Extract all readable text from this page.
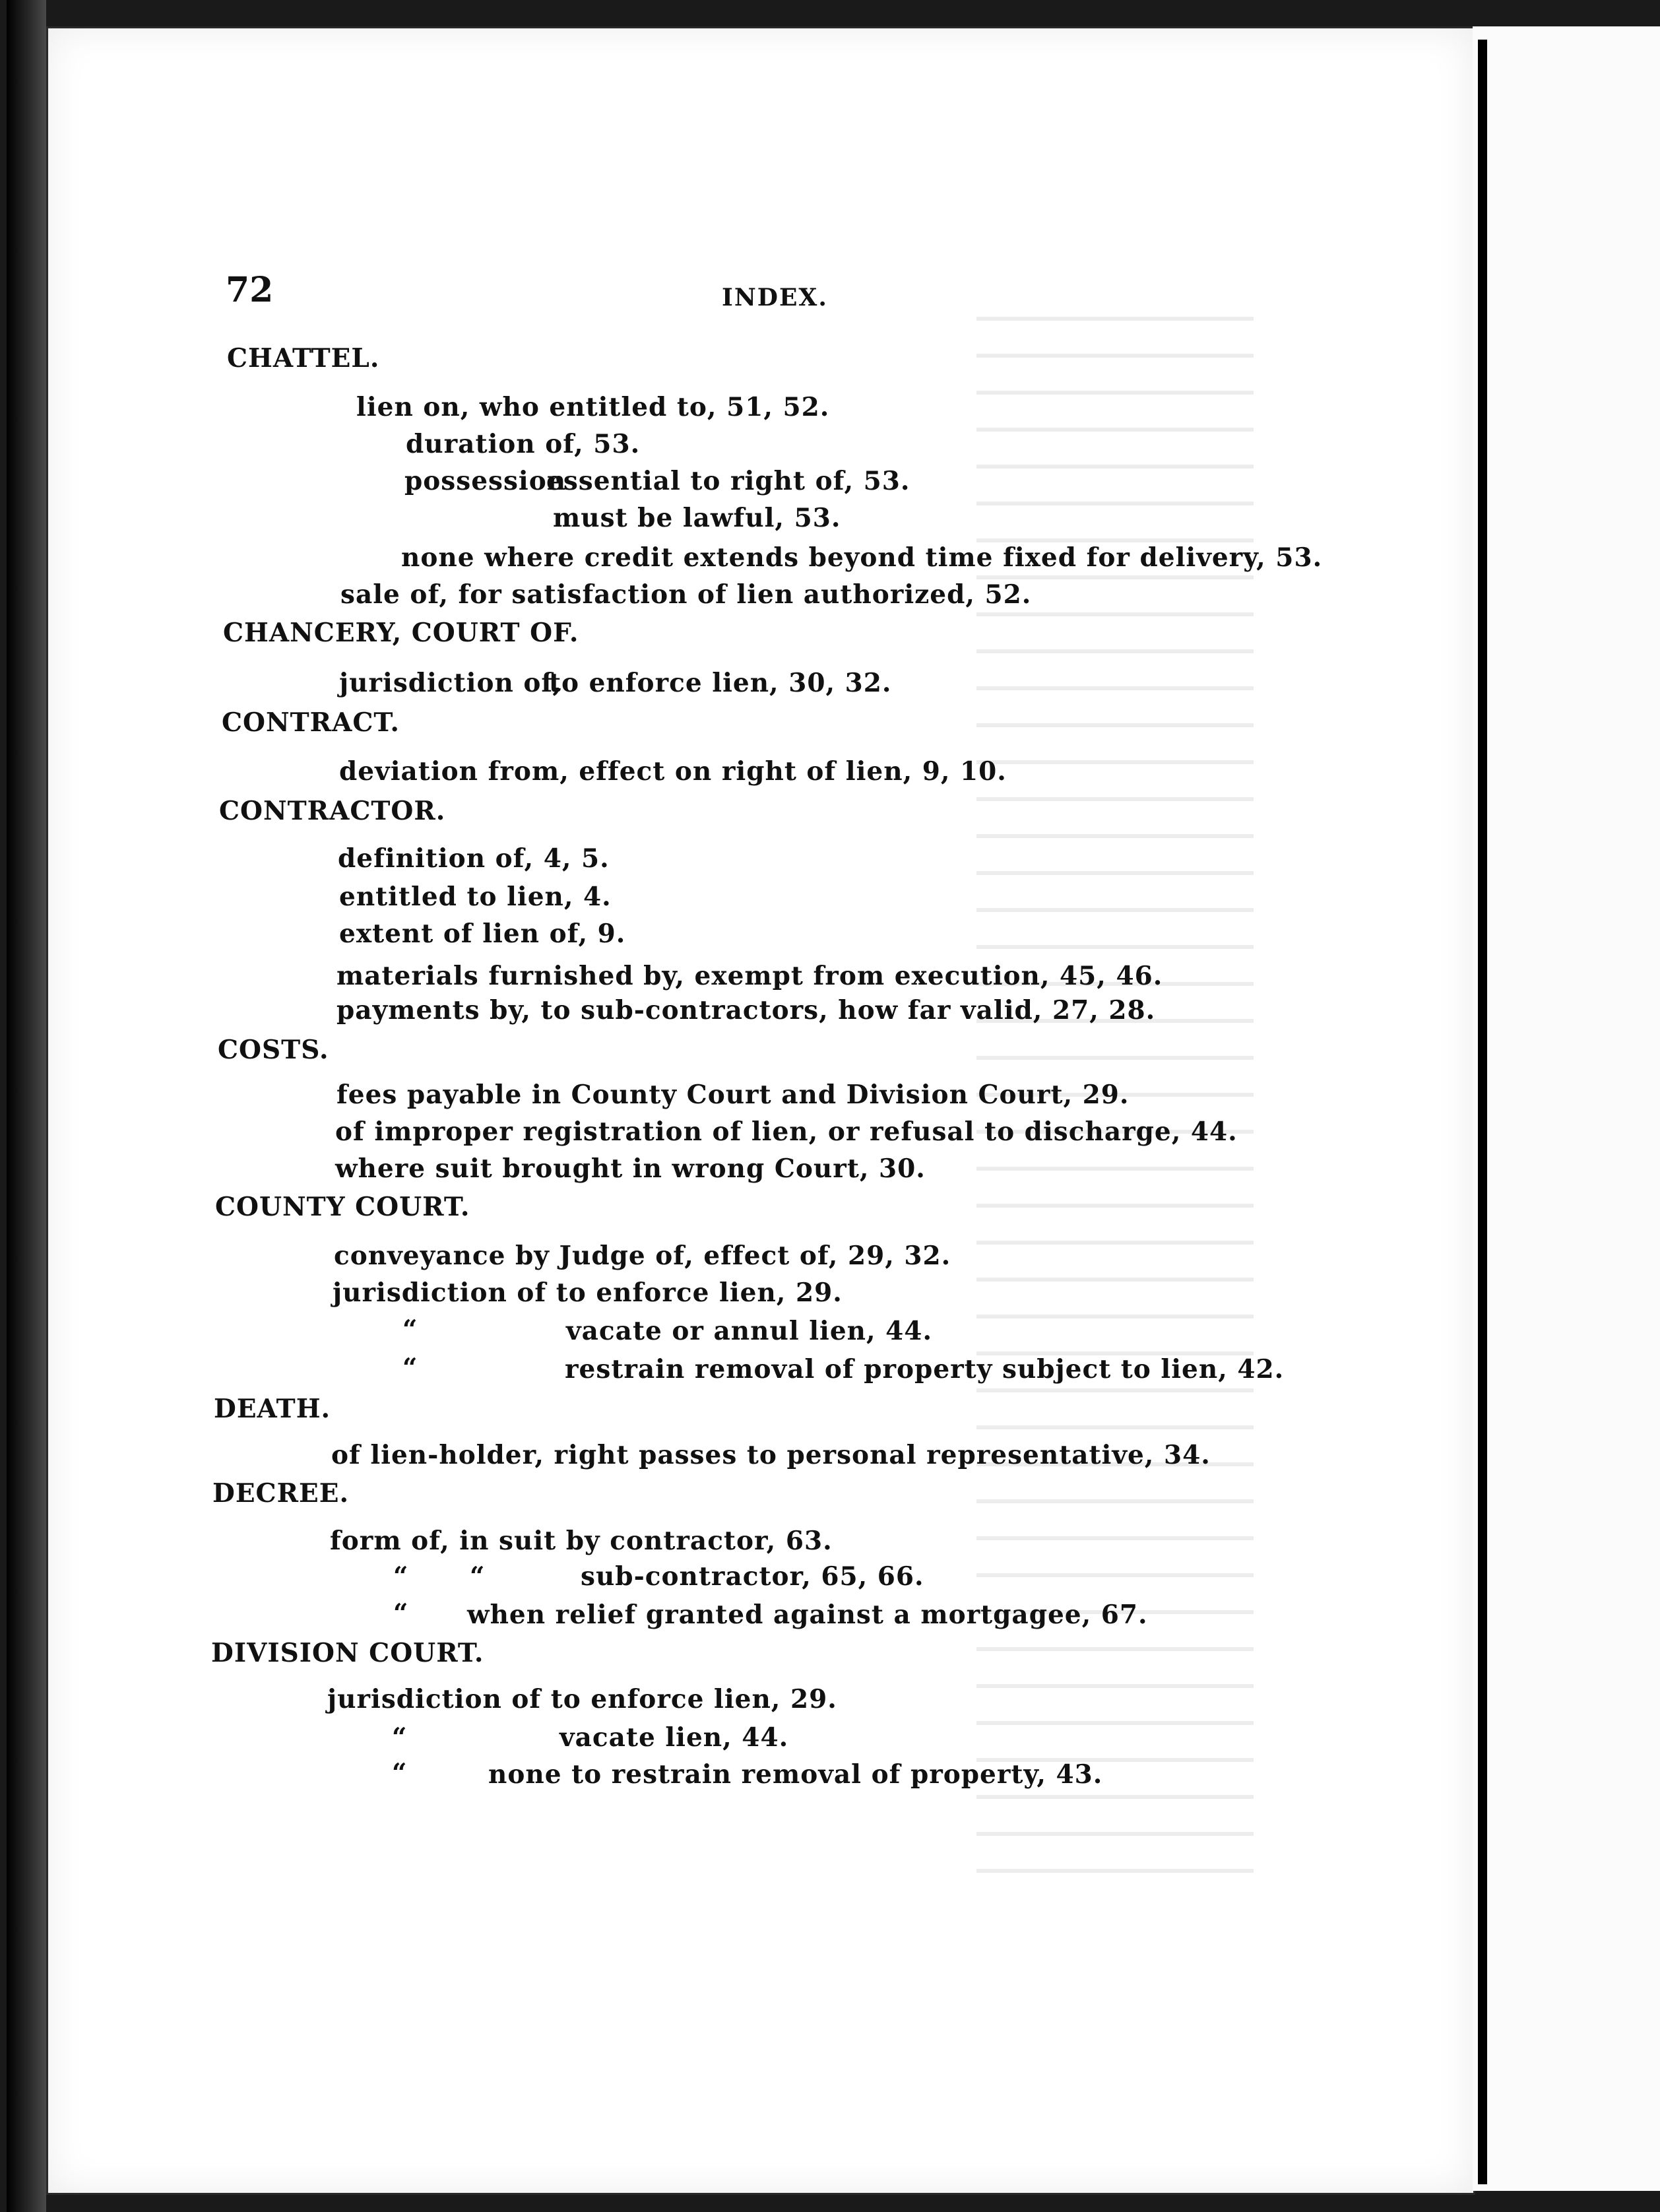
72	INDEX.
CHATTEL.
lien on, who entitled to, 51, 52.
duration of, 53.
possession
essential to right of, 53.
must be lawful, 53.
none where credit extends beyond time fixed for delivery, 53.
sale of, for satisfaction of lien authorized, 52.
CHANCERY, COURT OF.
jurisdiction of,
to enforce lien, 30, 32.
CONTRACT.
deviation from, effect on right of lien, 9, 10.
CONTRACTOR.
definition of, 4, 5.
entitled to lien, 4.
extent of lien of, 9.
materials furnished by, exempt from execution, 45, 46.
payments by, to sub-contractors, how far valid, 27, 28.
COSTS.
fees payable in County Court and Division Court, 29.
of improper registration of lien, or refusal to discharge, 44.
where suit brought in wrong Court, 30.
COUNTY COURT.
conveyance by Judge of, effect of, 29, 32.
jurisdiction of to enforce lien, 29.
“	vacate or annul lien, 44.
“	restrain removal of property subject to lien, 42.
DEATH.
of lien-holder, right passes to personal representative, 34.
DECREE.
form of, in suit by contractor, 63.
“ “	sub-contractor, 65, 66.
“ when relief granted against a mortgagee, 67.
DIVISION COURT.
jurisdiction of to enforce lien, 29.
“	vacate lien, 44.
“	none to restrain removal of property, 43.
